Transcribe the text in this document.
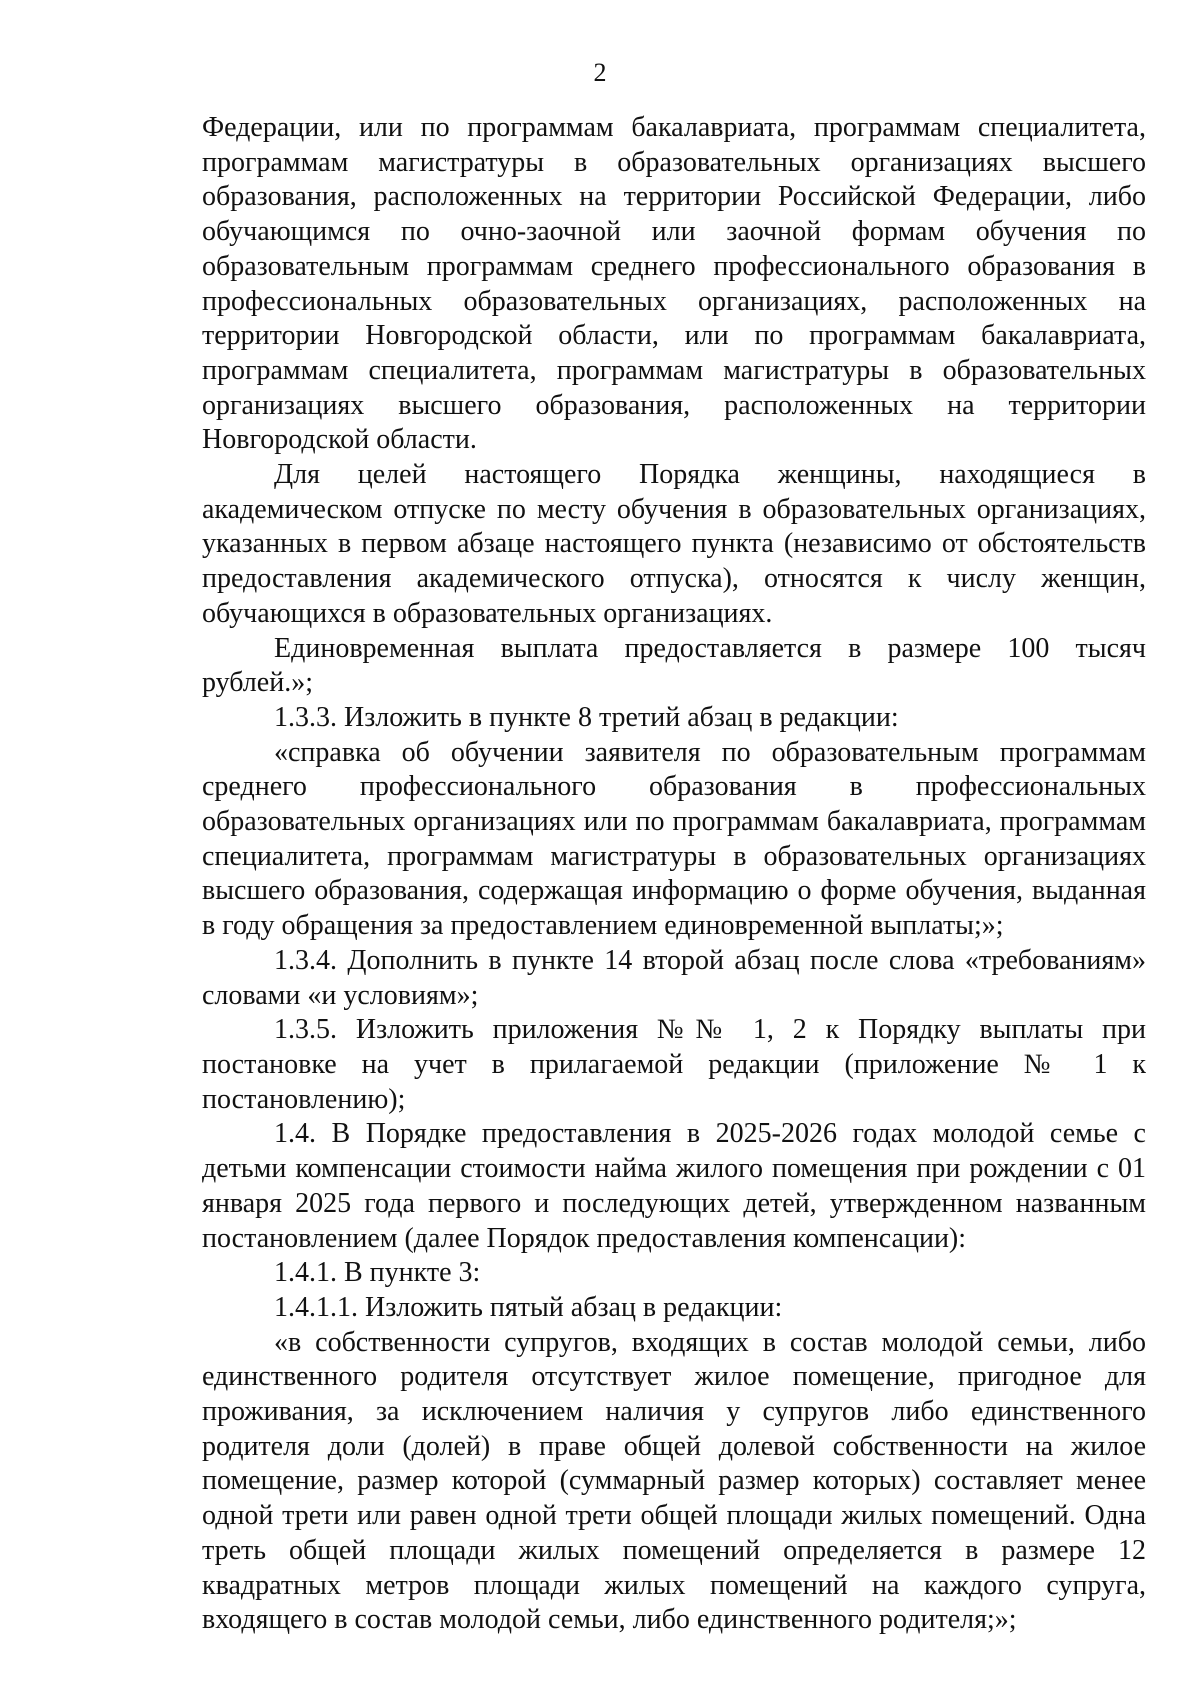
2

Федерации, или по программам бакалавриата, программам специалитета, программам магистратуры в образовательных организациях высшего образования, расположенных на территории Российской Федерации, либо обучающимся по очно-заочной или заочной формам обучения по образовательным программам среднего профессионального образования в профессиональных образовательных организациях, расположенных на территории Новгородской области, или по программам бакалавриата, программам специалитета, программам магистратуры в образовательных организациях высшего образования, расположенных на территории Новгородской области.

Для целей настоящего Порядка женщины, находящиеся в академическом отпуске по месту обучения в образовательных организациях, указанных в первом абзаце настоящего пункта (независимо от обстоятельств предоставления академического отпуска), относятся к числу женщин, обучающихся в образовательных организациях.

Единовременная выплата предоставляется в размере 100 тысяч рублей.»;

1.3.3. Изложить в пункте 8 третий абзац в редакции:

«справка об обучении заявителя по образовательным программам среднего профессионального образования в профессиональных образовательных организациях или по программам бакалавриата, программам специалитета, программам магистратуры в образовательных организациях высшего образования, содержащая информацию о форме обучения, выданная в году обращения за предоставлением единовременной выплаты;»;

1.3.4. Дополнить в пункте 14 второй абзац после слова «требованиям» словами «и условиям»;

1.3.5. Изложить приложения №№ 1, 2 к Порядку выплаты при постановке на учет в прилагаемой редакции (приложение № 1 к постановлению);

1.4. В Порядке предоставления в 2025-2026 годах молодой семье с детьми компенсации стоимости найма жилого помещения при рождении с 01 января 2025 года первого и последующих детей, утвержденном названным постановлением (далее Порядок предоставления компенсации):

1.4.1. В пункте 3:

1.4.1.1. Изложить пятый абзац в редакции:

«в собственности супругов, входящих в состав молодой семьи, либо единственного родителя отсутствует жилое помещение, пригодное для проживания, за исключением наличия у супругов либо единственного родителя доли (долей) в праве общей долевой собственности на жилое помещение, размер которой (суммарный размер которых) составляет менее одной трети или равен одной трети общей площади жилых помещений. Одна треть общей площади жилых помещений определяется в размере 12 квадратных метров площади жилых помещений на каждого супруга, входящего в состав молодой семьи, либо единственного родителя;»;
